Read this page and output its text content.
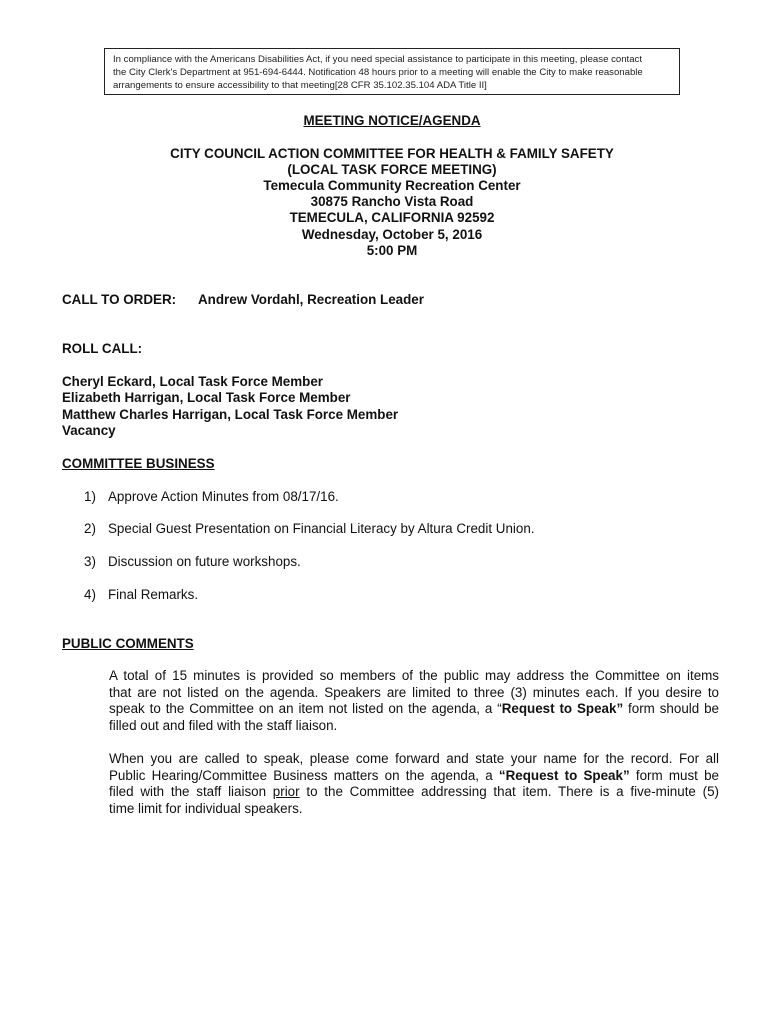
In compliance with the Americans Disabilities Act, if you need special assistance to participate in this meeting, please contact
the City Clerk's Department at 951-694-6444. Notification 48 hours prior to a meeting will enable the City to make reasonable
arrangements to ensure accessibility to that meeting[28 CFR 35.102.35.104 ADA Title II]
MEETING NOTICE/AGENDA
CITY COUNCIL ACTION COMMITTEE FOR HEALTH & FAMILY SAFETY
(LOCAL TASK FORCE MEETING)
Temecula Community Recreation Center
30875 Rancho Vista Road
TEMECULA, CALIFORNIA 92592
Wednesday, October 5, 2016
5:00 PM
CALL TO ORDER: Andrew Vordahl, Recreation Leader
ROLL CALL:
Cheryl Eckard, Local Task Force Member
Elizabeth Harrigan, Local Task Force Member
Matthew Charles Harrigan, Local Task Force Member
Vacancy
COMMITTEE BUSINESS
1) Approve Action Minutes from 08/17/16.
2) Special Guest Presentation on Financial Literacy by Altura Credit Union.
3) Discussion on future workshops.
4) Final Remarks.
PUBLIC COMMENTS
A total of 15 minutes is provided so members of the public may address the Committee on items
that are not listed on the agenda. Speakers are limited to three (3) minutes each. If you desire to
speak to the Committee on an item not listed on the agenda, a “Request to Speak” form should be
filled out and filed with the staff liaison.
When you are called to speak, please come forward and state your name for the record. For all
Public Hearing/Committee Business matters on the agenda, a “Request to Speak” form must be
filed with the staff liaison prior to the Committee addressing that item. There is a five-minute (5)
time limit for individual speakers.
